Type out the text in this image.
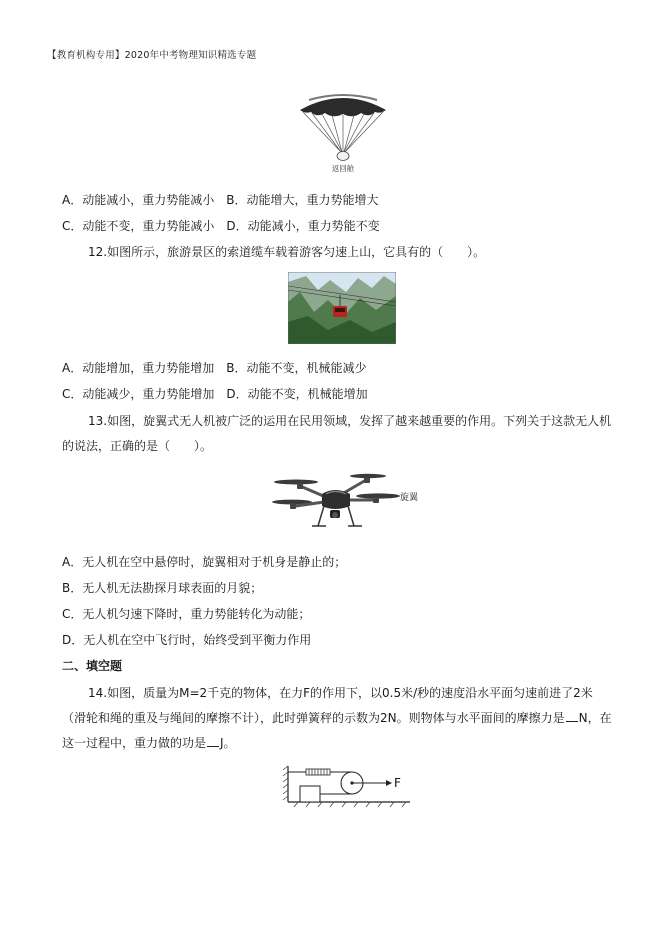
【教育机构专用】2020年中考物理知识精选专题
返回舱
A．动能减小，重力势能减小　B．动能增大，重力势能增大
C．动能不变，重力势能减小　D．动能减小，重力势能不变
12.如图所示，旅游景区的索道缆车载着游客匀速上山，它具有的（　　）。
A．动能增加，重力势能增加　B．动能不变，机械能减少
C．动能减少，重力势能增加　D．动能不变，机械能增加
13.如图，旋翼式无人机被广泛的运用在民用领域，发挥了越来越重要的作用。下列关于这款无人机的说法，正确的是（　　）。
旋翼
A．无人机在空中悬停时，旋翼相对于机身是静止的；
B．无人机无法勘探月球表面的月貌；
C．无人机匀速下降时，重力势能转化为动能；
D．无人机在空中飞行时，始终受到平衡力作用
二、填空题
14.如图，质量为M=2千克的物体，在力F的作用下，以0.5米/秒的速度沿水平面匀速前进了2米（滑轮和绳的重及与绳间的摩擦不计），此时弹簧秤的示数为2N。则物体与水平面间的摩擦力是 N，在这一过程中，重力做的功是 J。
F
